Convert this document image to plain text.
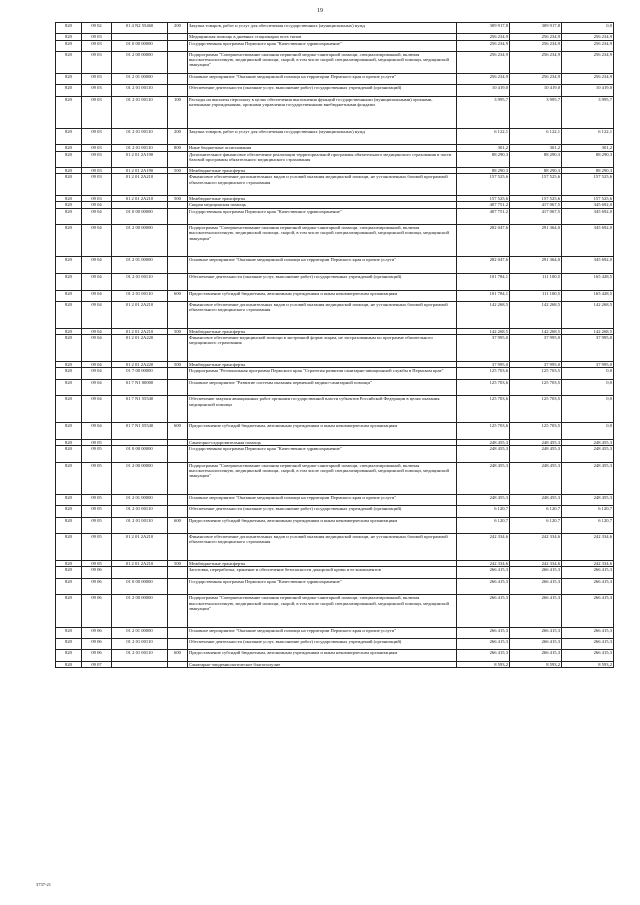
19
820	09 02	01 4 N2 55460	200	Закупка товаров, работ и услуг для обеспечения государственных (муниципальных) нужд	309 917,8	309 917,8	0,0
820	09 03			Медицинская помощь в дневных стационарах всех типов	256 234,9	256 234,9	256 234,9
820	09 03	01 0 00 00000		Государственная программа Пермского края "Качественное здравоохранение"	256 234,9	256 234,9	256 234,9
820	09 03	01 2 00 00000		Подпрограмма "Совершенствование оказания первичной медико-санитарной помощи, специализированной, включая высокотехнологичную, медицинской помощи, скорой, в том числе скорой специализированной, медицинской помощи, медицинской эвакуации"	256 234,9	256 234,9	256 234,9
820	09 03	01 2 01 00000		Основное мероприятие "Оказание медицинской помощи на территории Пермского края и прочие услуги"	256 234,9	256 234,9	256 234,9
820	09 03	01 2 01 00110		Обеспечение деятельности (оказание услуг, выполнение работ) государственных учреждений (организаций)	10 419,0	10 419,0	10 419,0
820	09 03	01 2 01 00110	100	Расходы на выплаты персоналу в целях обеспечения выполнения функций государственными (муниципальными) органами, казенными учреждениями, органами управления государственными внебюджетными фондами	3 995,7	3 995,7	3 995,7
820	09 03	01 2 01 00110	200	Закупка товаров, работ и услуг для обеспечения государственных (муниципальных) нужд	6 122,1	6 122,1	6 122,1
820	09 03	01 2 01 00110	800	Иные бюджетные ассигнования	301,2	301,2	301,2
820	09 03	01 2 01 2A190		Дополнительное финансовое обеспечение реализации территориальной программы обязательного медицинского страхования в части базовой программы обязательного медицинского страхования	88 290,3	88 290,3	88 290,3
820	09 03	01 2 01 2A190	500	Межбюджетные трансферты	88 290,3	88 290,3	88 290,3
820	09 03	01 2 01 2A210		Финансовое обеспечение дополнительных видов и условий оказания медицинской помощи, не установленных базовой программой обязательного медицинского страхования	157 525,6	157 525,6	157 525,6
820	09 03	01 2 01 2A210	500	Межбюджетные трансферты	157 525,6	157 525,6	157 525,6
820	09 04			Скорая медицинская помощь	407 751,2	417 067,5	345 692,0
820	09 04	01 0 00 00000		Государственная программа Пермского края "Качественное здравоохранение"	407 751,2	417 067,5	345 692,0
820	09 04	01 2 00 00000		Подпрограмма "Совершенствование оказания первичной медико-санитарной помощи, специализированной, включая высокотехнологичную, медицинской помощи, скорой, в том числе скорой специализированной, медицинской помощи, медицинской эвакуации"	282 047,6	291 364,0	345 692,0
820	09 04	01 2 01 00000		Основное мероприятие "Оказание медицинской помощи на территории Пермского края и прочие услуги"	282 047,6	291 364,0	345 692,0
820	09 04	01 2 01 00110		Обеспечение деятельности (оказание услуг, выполнение работ) государственных учреждений (организаций)	101 784,1	111 100,5	165 428,5
820	09 04	01 2 01 00110	600	Предоставление субсидий бюджетным, автономным учреждениям и иным некоммерческим организациям	101 784,1	111 100,5	165 428,5
820	09 04	01 2 01 2A210		Финансовое обеспечение дополнительных видов и условий оказания медицинской помощи, не установленных базовой программой обязательного медицинского страхования	142 268,5	142 268,5	142 268,5
820	09 04	01 2 01 2A210	500	Межбюджетные трансферты	142 268,5	142 268,5	142 268,5
820	09 04	01 2 01 2A220		Финансовое обеспечение медицинской помощи в экстренной форме лицам, не застрахованным по программе обязательного медицинского страхования	37 995,0	37 995,0	37 995,0
820	09 04	01 2 01 2A220	500	Межбюджетные трансферты	37 995,0	37 995,0	37 995,0
820	09 04	01 7 00 00000		Подпрограмма "Региональная программа Пермского края "Стратегия развития санитарно-авиационной службы в Пермском крае"	125 703,6	125 703,5	0,0
820	09 04	01 7 N1 00000		Основное мероприятие "Развитие системы оказания первичной медико-санитарной помощи"	125 703,6	125 703,5	0,0
820	09 04	01 7 N1 55540		Обеспечение закупки авиационных работ органами государственной власти субъектов Российской Федерации в целях оказания медицинской помощи	125 703,6	125 703,5	0,0
820	09 04	01 7 N1 55540	600	Предоставление субсидий бюджетным, автономным учреждениям и иным некоммерческим организациям	125 703,6	125 703,5	0,0
820	09 05			Санаторно-оздоровительная помощь	248 455,3	248 455,3	248 455,3
820	09 05	01 0 00 00000		Государственная программа Пермского края "Качественное здравоохранение"	248 455,3	248 455,3	248 455,3
820	09 05	01 2 00 00000		Подпрограмма "Совершенствование оказания первичной медико-санитарной помощи, специализированной, включая высокотехнологичную, медицинской помощи, скорой, в том числе скорой специализированной, медицинской помощи, медицинской эвакуации"	248 455,3	248 455,3	248 455,3
820	09 05	01 2 01 00000		Основное мероприятие "Оказание медицинской помощи на территории Пермского края и прочие услуги"	248 455,3	248 455,3	248 455,3
820	09 05	01 2 01 00110		Обеспечение деятельности (оказание услуг, выполнение работ) государственных учреждений (организаций)	6 120,7	6 120,7	6 120,7
820	09 05	01 2 01 00110	600	Предоставление субсидий бюджетным, автономным учреждениям и иным некоммерческим организациям	6 120,7	6 120,7	6 120,7
820	09 05	01 2 01 2A210		Финансовое обеспечение дополнительных видов и условий оказания медицинской помощи, не установленных базовой программой обязательного медицинского страхования	242 334,6	242 334,6	242 334,6
820	09 05	01 2 01 2A210	500	Межбюджетные трансферты	242 334,6	242 334,6	242 334,6
820	09 06			Заготовка, переработка, хранение и обеспечение безопасности донорской крови и ее компонентов	266 415,3	266 415,3	266 415,3
820	09 06	01 0 00 00000		Государственная программа Пермского края "Качественное здравоохранение"	266 415,3	266 415,3	266 415,3
820	09 06	01 2 00 00000		Подпрограмма "Совершенствование оказания первичной медико-санитарной помощи, специализированной, включая высокотехнологичную, медицинской помощи, скорой, в том числе скорой специализированной, медицинской помощи, медицинской эвакуации"	266 415,3	266 415,3	266 415,3
820	09 06	01 2 01 00000		Основное мероприятие "Оказание медицинской помощи на территории Пермского края и прочие услуги"	266 415,3	266 415,3	266 415,3
820	09 06	01 2 01 00110		Обеспечение деятельности (оказание услуг, выполнение работ) государственных учреждений (организаций)	266 415,3	266 415,3	266 415,3
820	09 06	01 2 01 00110	600	Предоставление субсидий бюджетным, автономным учреждениям и иным некоммерческим организациям	266 415,3	266 415,3	266 415,3
820	09 07			Санитарно-эпидемиологическое благополучие	8 593,2	8 593,2	8 593,2
3737-21
